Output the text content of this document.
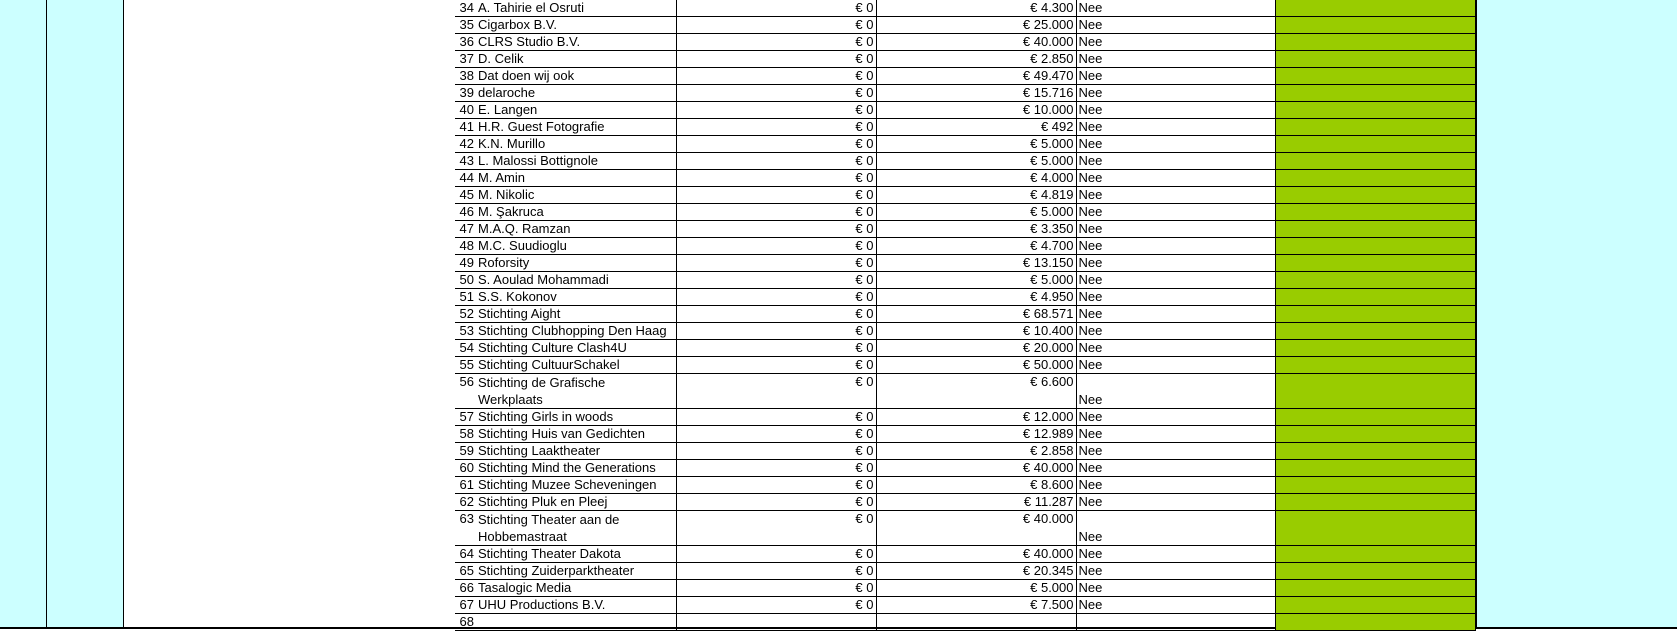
34	A. Tahirie el Osruti	€ 0	€ 4.300	Nee	
35	Cigarbox B.V.	€ 0	€ 25.000	Nee	
36	CLRS Studio B.V.	€ 0	€ 40.000	Nee	
37	D. Celik	€ 0	€ 2.850	Nee	
38	Dat doen wij ook	€ 0	€ 49.470	Nee	
39	delaroche	€ 0	€ 15.716	Nee	
40	E. Langen	€ 0	€ 10.000	Nee	
41	H.R. Guest Fotografie	€ 0	€ 492	Nee	
42	K.N. Murillo	€ 0	€ 5.000	Nee	
43	L. Malossi Bottignole	€ 0	€ 5.000	Nee	
44	M. Amin	€ 0	€ 4.000	Nee	
45	M. Nikolic	€ 0	€ 4.819	Nee	
46	M. Şakruca	€ 0	€ 5.000	Nee	
47	M.A.Q. Ramzan	€ 0	€ 3.350	Nee	
48	M.C. Suudioglu	€ 0	€ 4.700	Nee	
49	Roforsity	€ 0	€ 13.150	Nee	
50	S. Aoulad Mohammadi	€ 0	€ 5.000	Nee	
51	S.S. Kokonov	€ 0	€ 4.950	Nee	
52	Stichting Aight	€ 0	€ 68.571	Nee	
53	Stichting Clubhopping Den Haag	€ 0	€ 10.400	Nee	
54	Stichting Culture Clash4U	€ 0	€ 20.000	Nee	
55	Stichting CultuurSchakel	€ 0	€ 50.000	Nee	
56	Stichting de Grafische Werkplaats	€ 0	€ 6.600	Nee	
57	Stichting Girls in woods	€ 0	€ 12.000	Nee	
58	Stichting Huis van Gedichten	€ 0	€ 12.989	Nee	
59	Stichting Laaktheater	€ 0	€ 2.858	Nee	
60	Stichting Mind the Generations	€ 0	€ 40.000	Nee	
61	Stichting Muzee Scheveningen	€ 0	€ 8.600	Nee	
62	Stichting Pluk en Pleej	€ 0	€ 11.287	Nee	
63	Stichting Theater aan de Hobbemastraat	€ 0	€ 40.000	Nee	
64	Stichting Theater Dakota	€ 0	€ 40.000	Nee	
65	Stichting Zuiderparktheater	€ 0	€ 20.345	Nee	
66	Tasalogic Media	€ 0	€ 5.000	Nee	
67	UHU Productions B.V.	€ 0	€ 7.500	Nee	
68					
